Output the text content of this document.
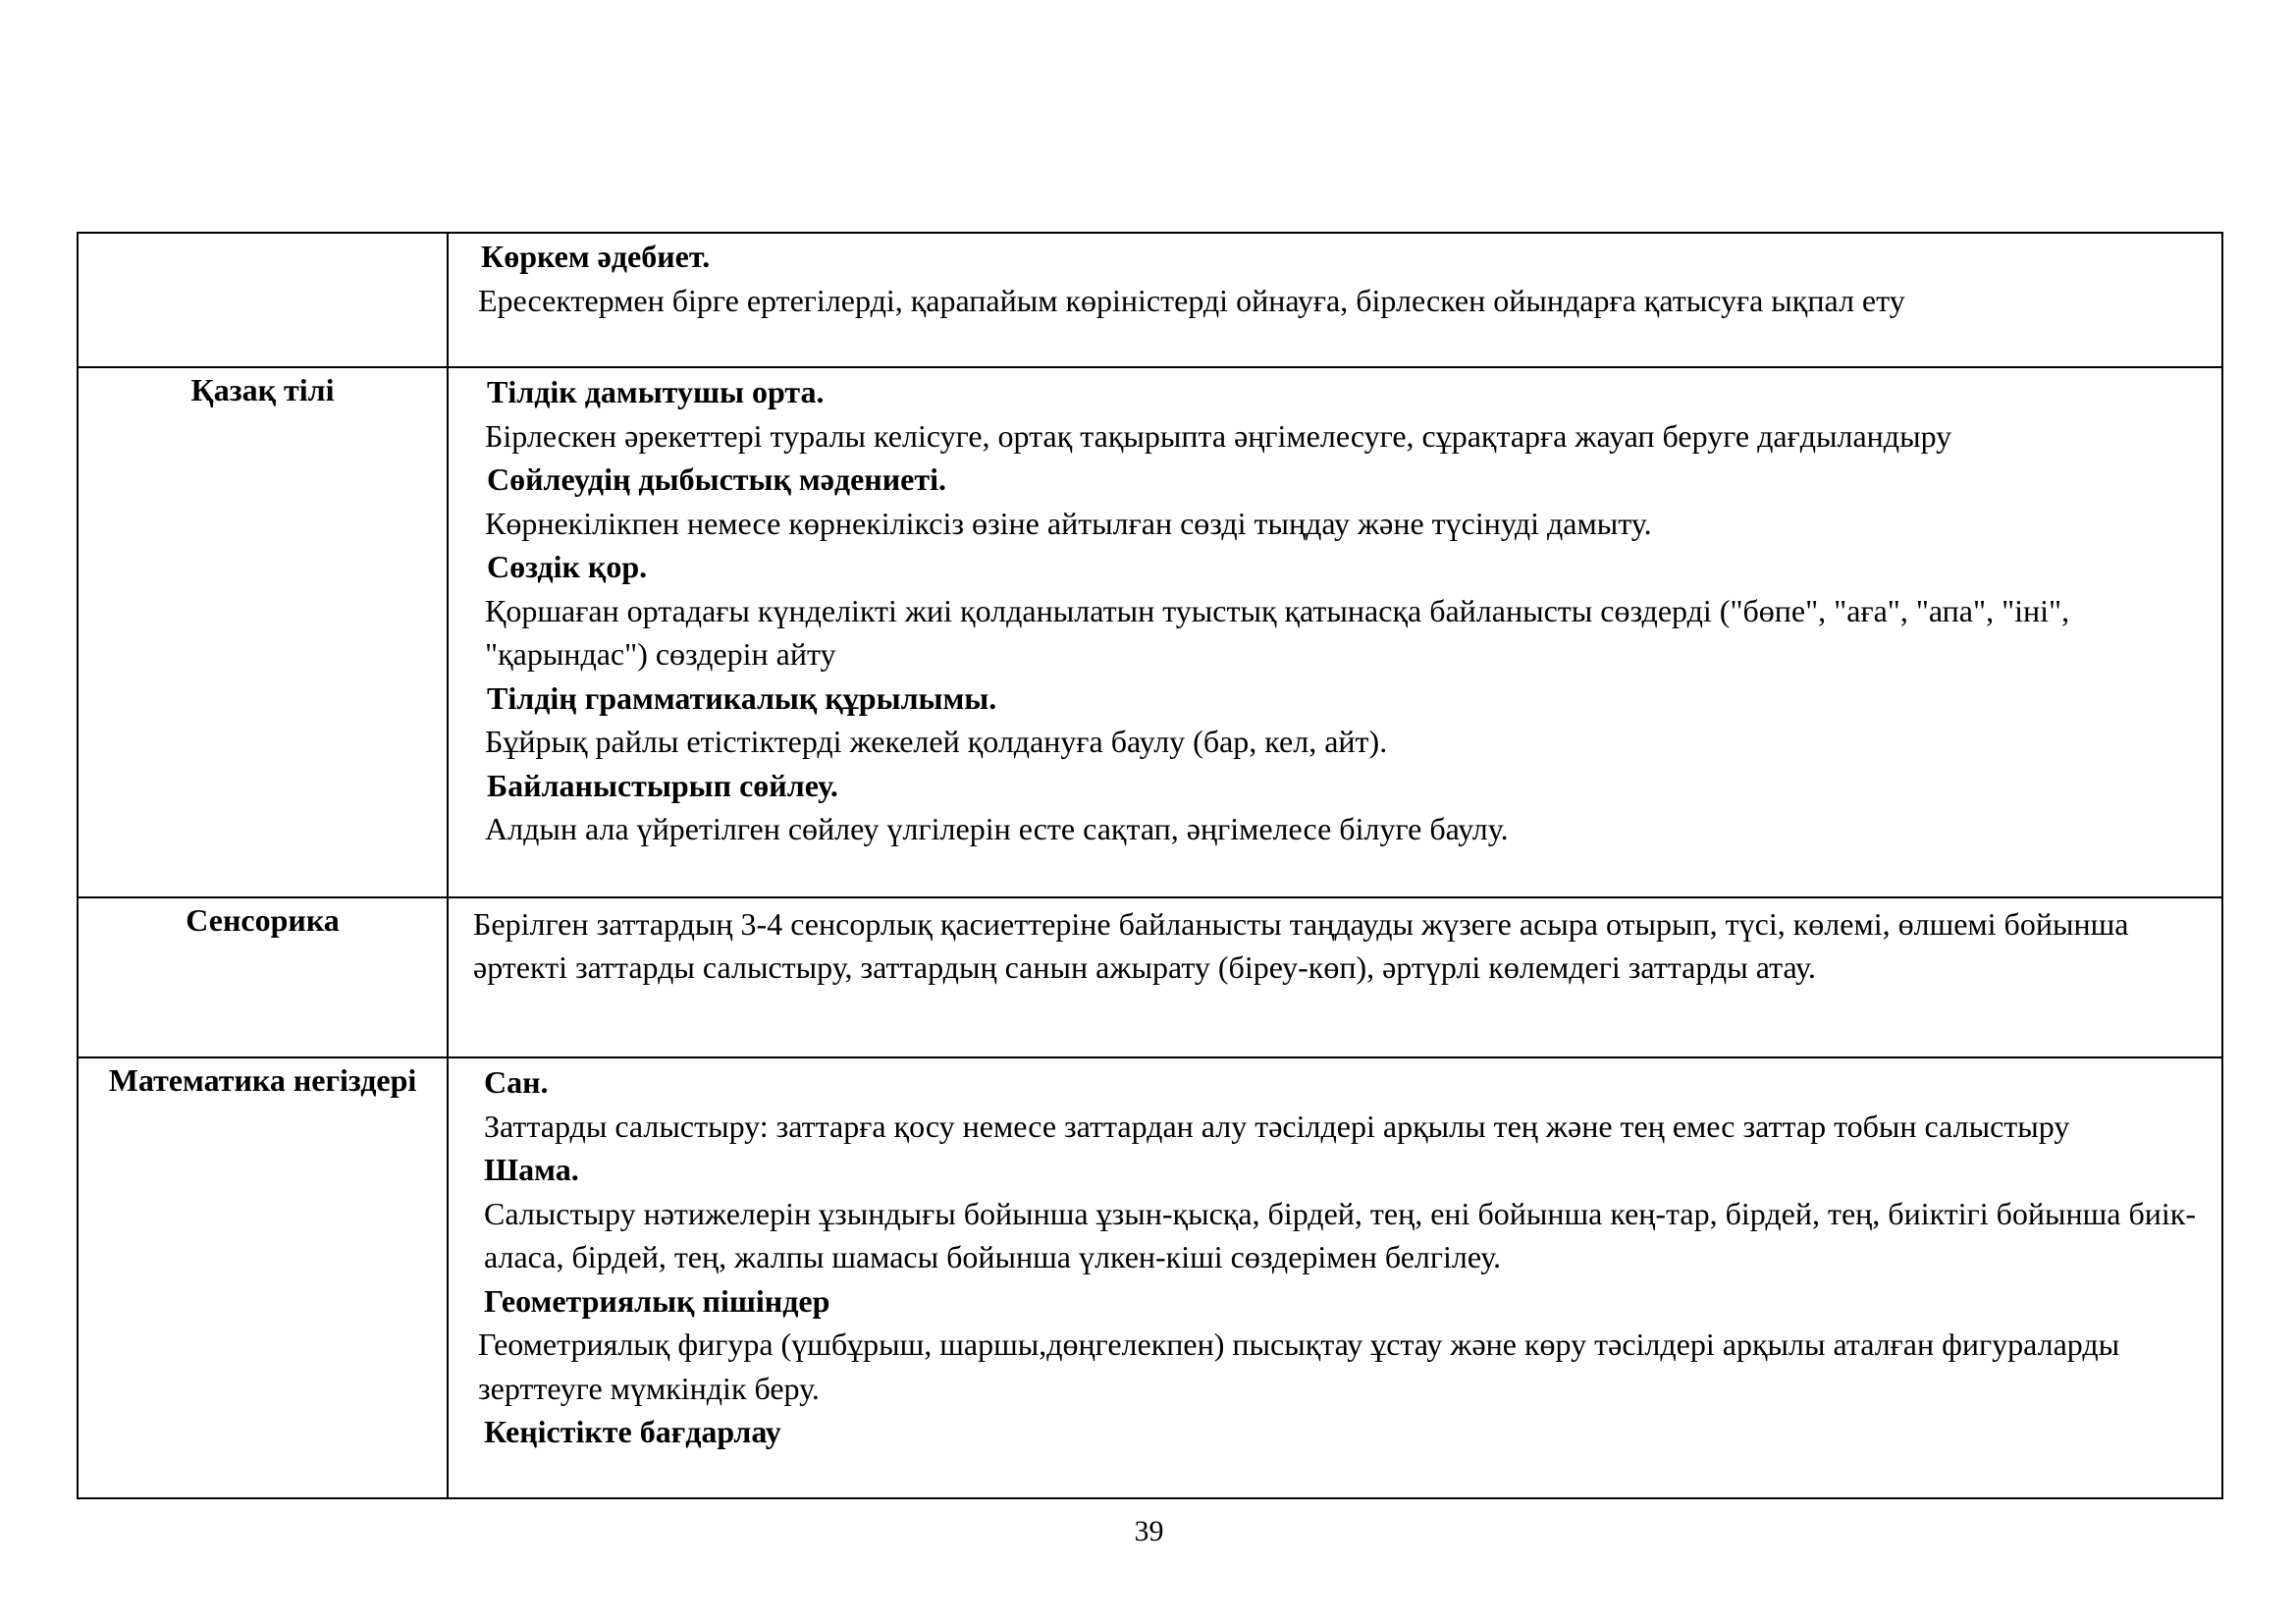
	Көркем әдебиет.
Ересектермен бірге ертегілерді, қарапайым көріністерді ойнауға, бірлескен ойындарға қатысуға ықпал ету

Қазақ тілі	Тілдік дамытушы орта.
Бірлескен әрекеттері туралы келісуге, ортақ тақырыпта әңгімелесуге, сұрақтарға жауап беруге дағдыландыру
Сөйлеудің дыбыстық мәдениеті.
Көрнекілікпен немесе көрнекіліксіз өзіне айтылған сөзді тыңдау және түсінуді дамыту.
Сөздік қор.
Қоршаған ортадағы күнделікті жиі қолданылатын туыстық қатынасқа байланысты сөздерді ("бөпе", "аға", "апа", "іні", "қарындас") сөздерін айту
Тілдің грамматикалық құрылымы.
Бұйрық райлы етістіктерді жекелей қолдануға баулу (бар, кел, айт).
Байланыстырып сөйлеу.
Алдын ала үйретілген сөйлеу үлгілерін есте сақтап, әңгімелесе білуге баулу.

Сенсорика	Берілген заттардың 3-4 сенсорлық қасиеттеріне байланысты таңдауды жүзеге асыра отырып, түсі, көлемі, өлшемі бойынша әртекті заттарды салыстыру, заттардың санын ажырату (біреу-көп), әртүрлі көлемдегі заттарды атау.

Математика негіздері	Сан.
Заттарды салыстыру: заттарға қосу немесе заттардан алу тәсілдері арқылы тең және тең емес заттар тобын салыстыру
Шама.
Салыстыру нәтижелерін ұзындығы бойынша ұзын-қысқа, бірдей, тең, ені бойынша кең-тар, бірдей, тең, биіктігі бойынша биік-аласа, бірдей, тең, жалпы шамасы бойынша үлкен-кіші сөздерімен белгілеу.
Геометриялық пішіндер
Геометриялық фигура (үшбұрыш, шаршы,дөңгелекпен) пысықтау ұстау және көру тәсілдері арқылы аталған фигураларды зерттеуге мүмкіндік беру.
Кеңістікте бағдарлау
39
